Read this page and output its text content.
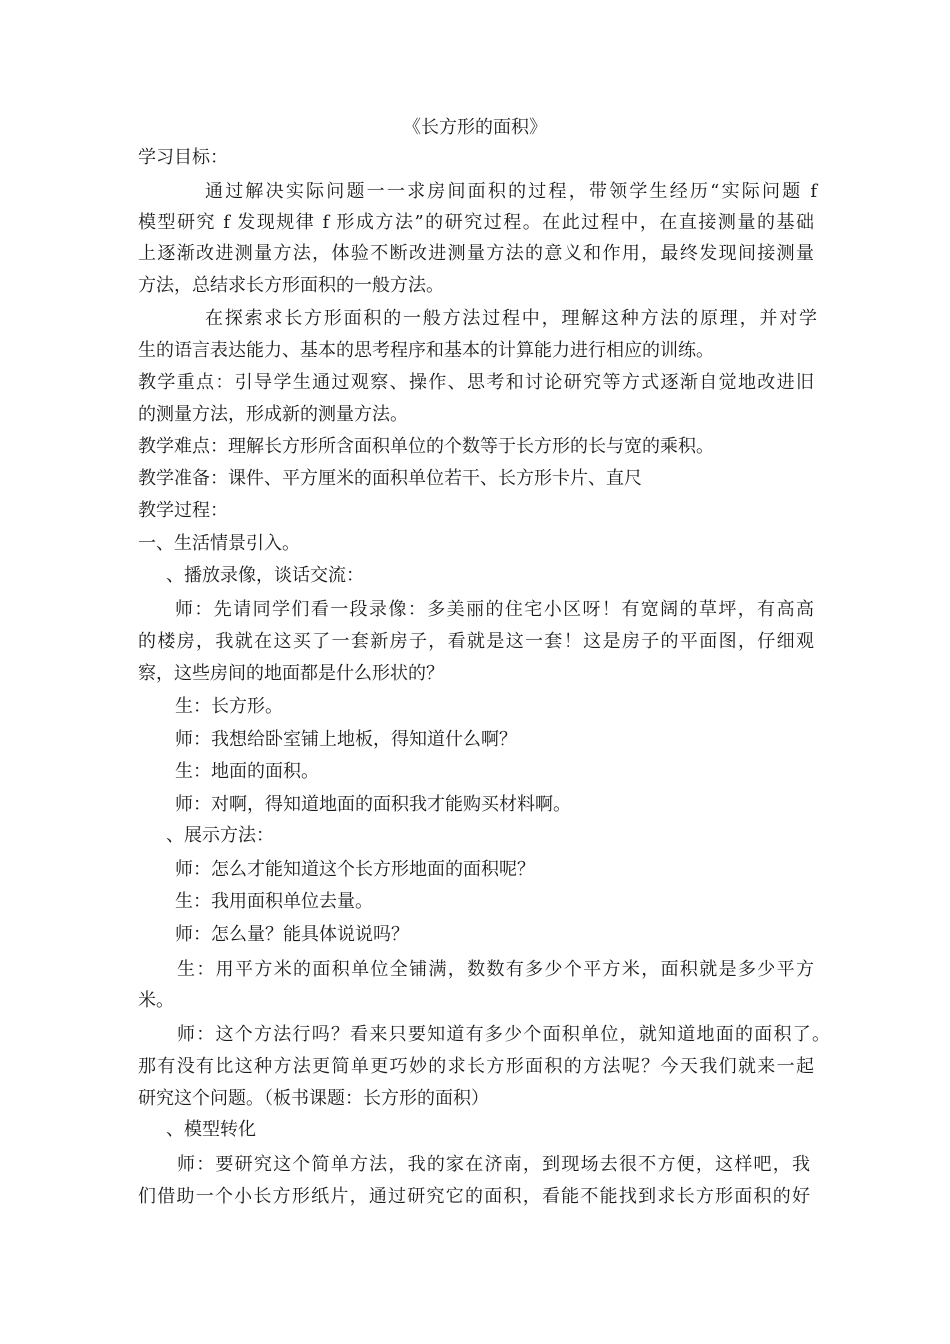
《长方形的面积》
学习目标：
通过解决实际问题一一求房间面积的过程，带领学生经历“实际问题 f
模型研究 f 发现规律 f 形成方法”的研究过程。在此过程中，在直接测量的基础
上逐渐改进测量方法，体验不断改进测量方法的意义和作用，最终发现间接测量
方法，总结求长方形面积的一般方法。
在探索求长方形面积的一般方法过程中，理解这种方法的原理，并对学
生的语言表达能力、基本的思考程序和基本的计算能力进行相应的训练。
教学重点：引导学生通过观察、操作、思考和讨论研究等方式逐渐自觉地改进旧
的测量方法，形成新的测量方法。
教学难点：理解长方形所含面积单位的个数等于长方形的长与宽的乘积。
教学准备：课件、平方厘米的面积单位若干、长方形卡片、直尺
教学过程：
一、生活情景引入。
、播放录像，谈话交流：
师：先请同学们看一段录像：多美丽的住宅小区呀！有宽阔的草坪，有高高
的楼房，我就在这买了一套新房子，看就是这一套！这是房子的平面图，仔细观
察，这些房间的地面都是什么形状的？
生：长方形。
师：我想给卧室铺上地板，得知道什么啊？
生：地面的面积。
师：对啊，得知道地面的面积我才能购买材料啊。
、展示方法：
师：怎么才能知道这个长方形地面的面积呢？
生：我用面积单位去量。
师：怎么量？能具体说说吗？
生：用平方米的面积单位全铺满，数数有多少个平方米，面积就是多少平方
米。
师：这个方法行吗？看来只要知道有多少个面积单位，就知道地面的面积了。
那有没有比这种方法更简单更巧妙的求长方形面积的方法呢？今天我们就来一起
研究这个问题。（板书课题：长方形的面积）
、模型转化
师：要研究这个简单方法，我的家在济南，到现场去很不方便，这样吧，我
们借助一个小长方形纸片，通过研究它的面积，看能不能找到求长方形面积的好
